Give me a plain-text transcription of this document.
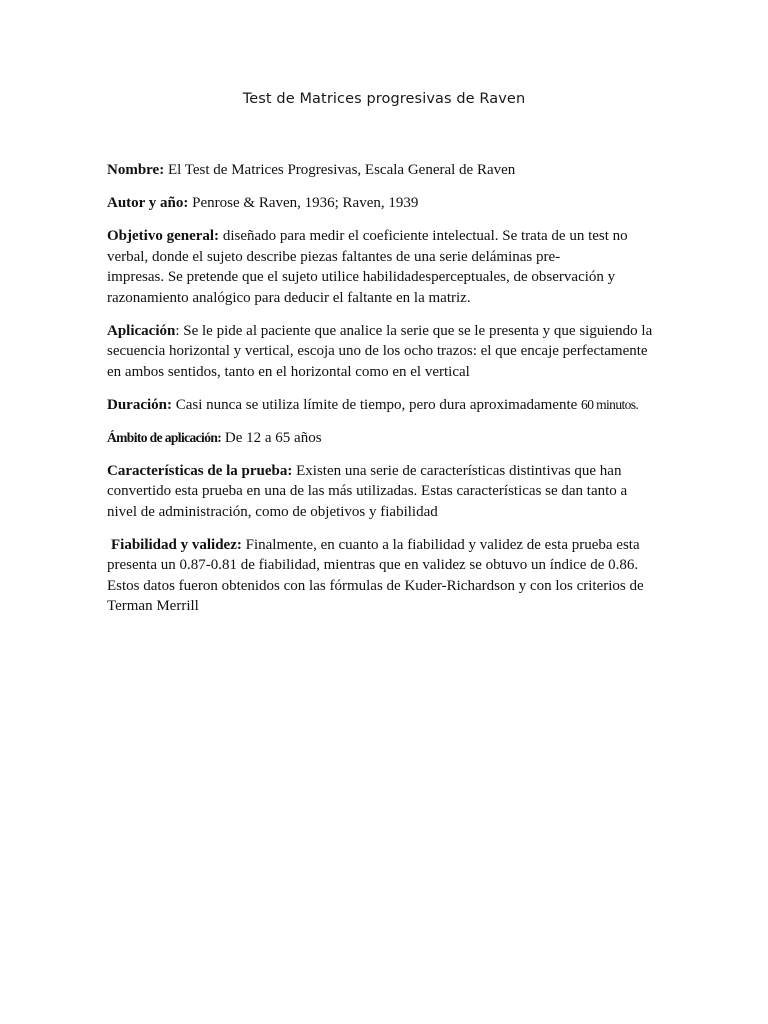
Test de Matrices progresivas de Raven

Nombre: El Test de Matrices Progresivas, Escala General de Raven

Autor y año: Penrose & Raven, 1936; Raven, 1939

Objetivo general: diseñado para medir el coeficiente intelectual. Se trata de un test no
verbal, donde el sujeto describe piezas faltantes de una serie deláminas pre-
impresas. Se pretende que el sujeto utilice habilidadesperceptuales, de observación y
razonamiento analógico para deducir el faltante en la matriz.

Aplicación: Se le pide al paciente que analice la serie que se le presenta y que siguiendo la
secuencia horizontal y vertical, escoja uno de los ocho trazos: el que encaje perfectamente
en ambos sentidos, tanto en el horizontal como en el vertical

Duración: Casi nunca se utiliza límite de tiempo, pero dura aproximadamente 60 minutos.

Ámbito de aplicación: De 12 a 65 años

Características de la prueba: Existen una serie de características distintivas que han
convertido esta prueba en una de las más utilizadas. Estas características se dan tanto a
nivel de administración, como de objetivos y fiabilidad

Fiabilidad y validez: Finalmente, en cuanto a la fiabilidad y validez de esta prueba esta
presenta un 0.87-0.81 de fiabilidad, mientras que en validez se obtuvo un índice de 0.86.
Estos datos fueron obtenidos con las fórmulas de Kuder-Richardson y con los criterios de
Terman Merrill
